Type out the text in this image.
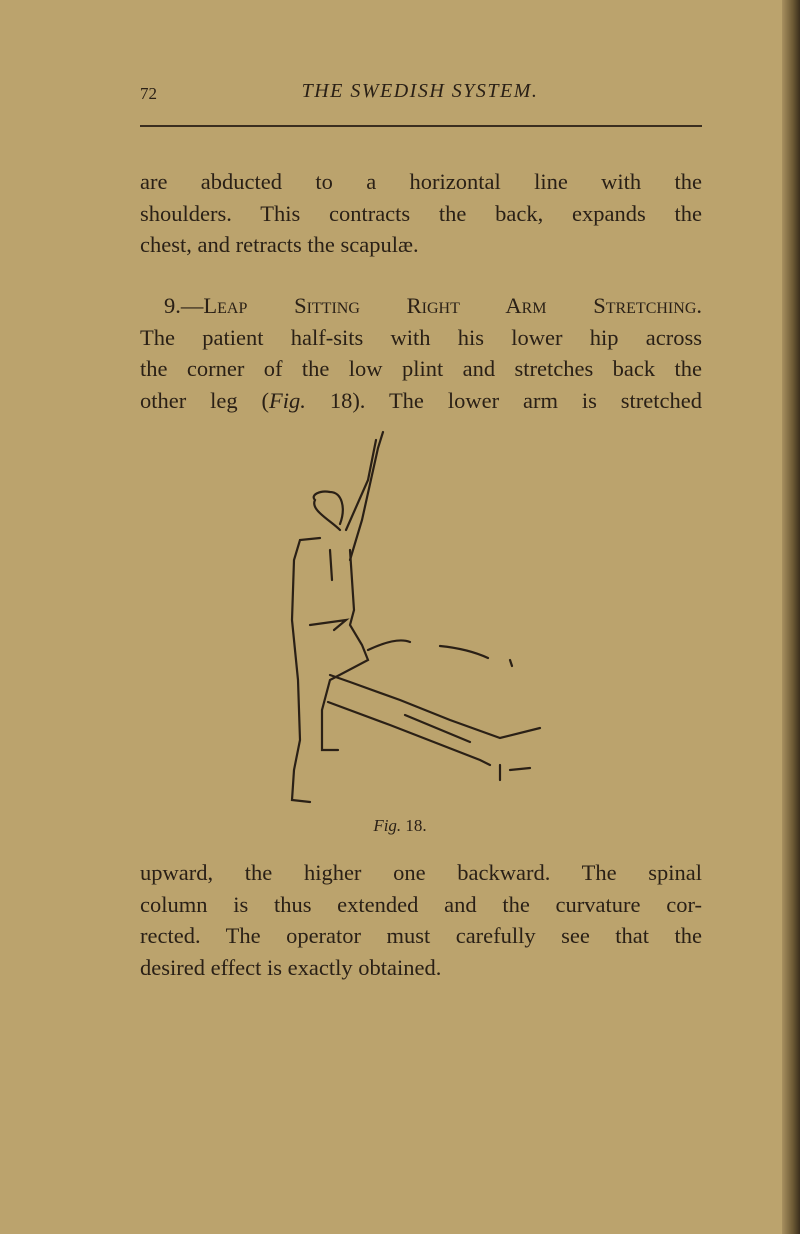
72	THE SWEDISH SYSTEM.
are abducted to a horizontal line with the
shoulders. This contracts the back, expands the
chest, and retracts the scapulæ.
9.—Leap Sitting Right Arm Stretching.
The patient half-sits with his lower hip across
the corner of the low plint and stretches back the
other leg (Fig. 18). The lower arm is stretched
Fig. 18.
upward, the higher one backward. The spinal
column is thus extended and the curvature cor-
rected. The operator must carefully see that the
desired effect is exactly obtained.
